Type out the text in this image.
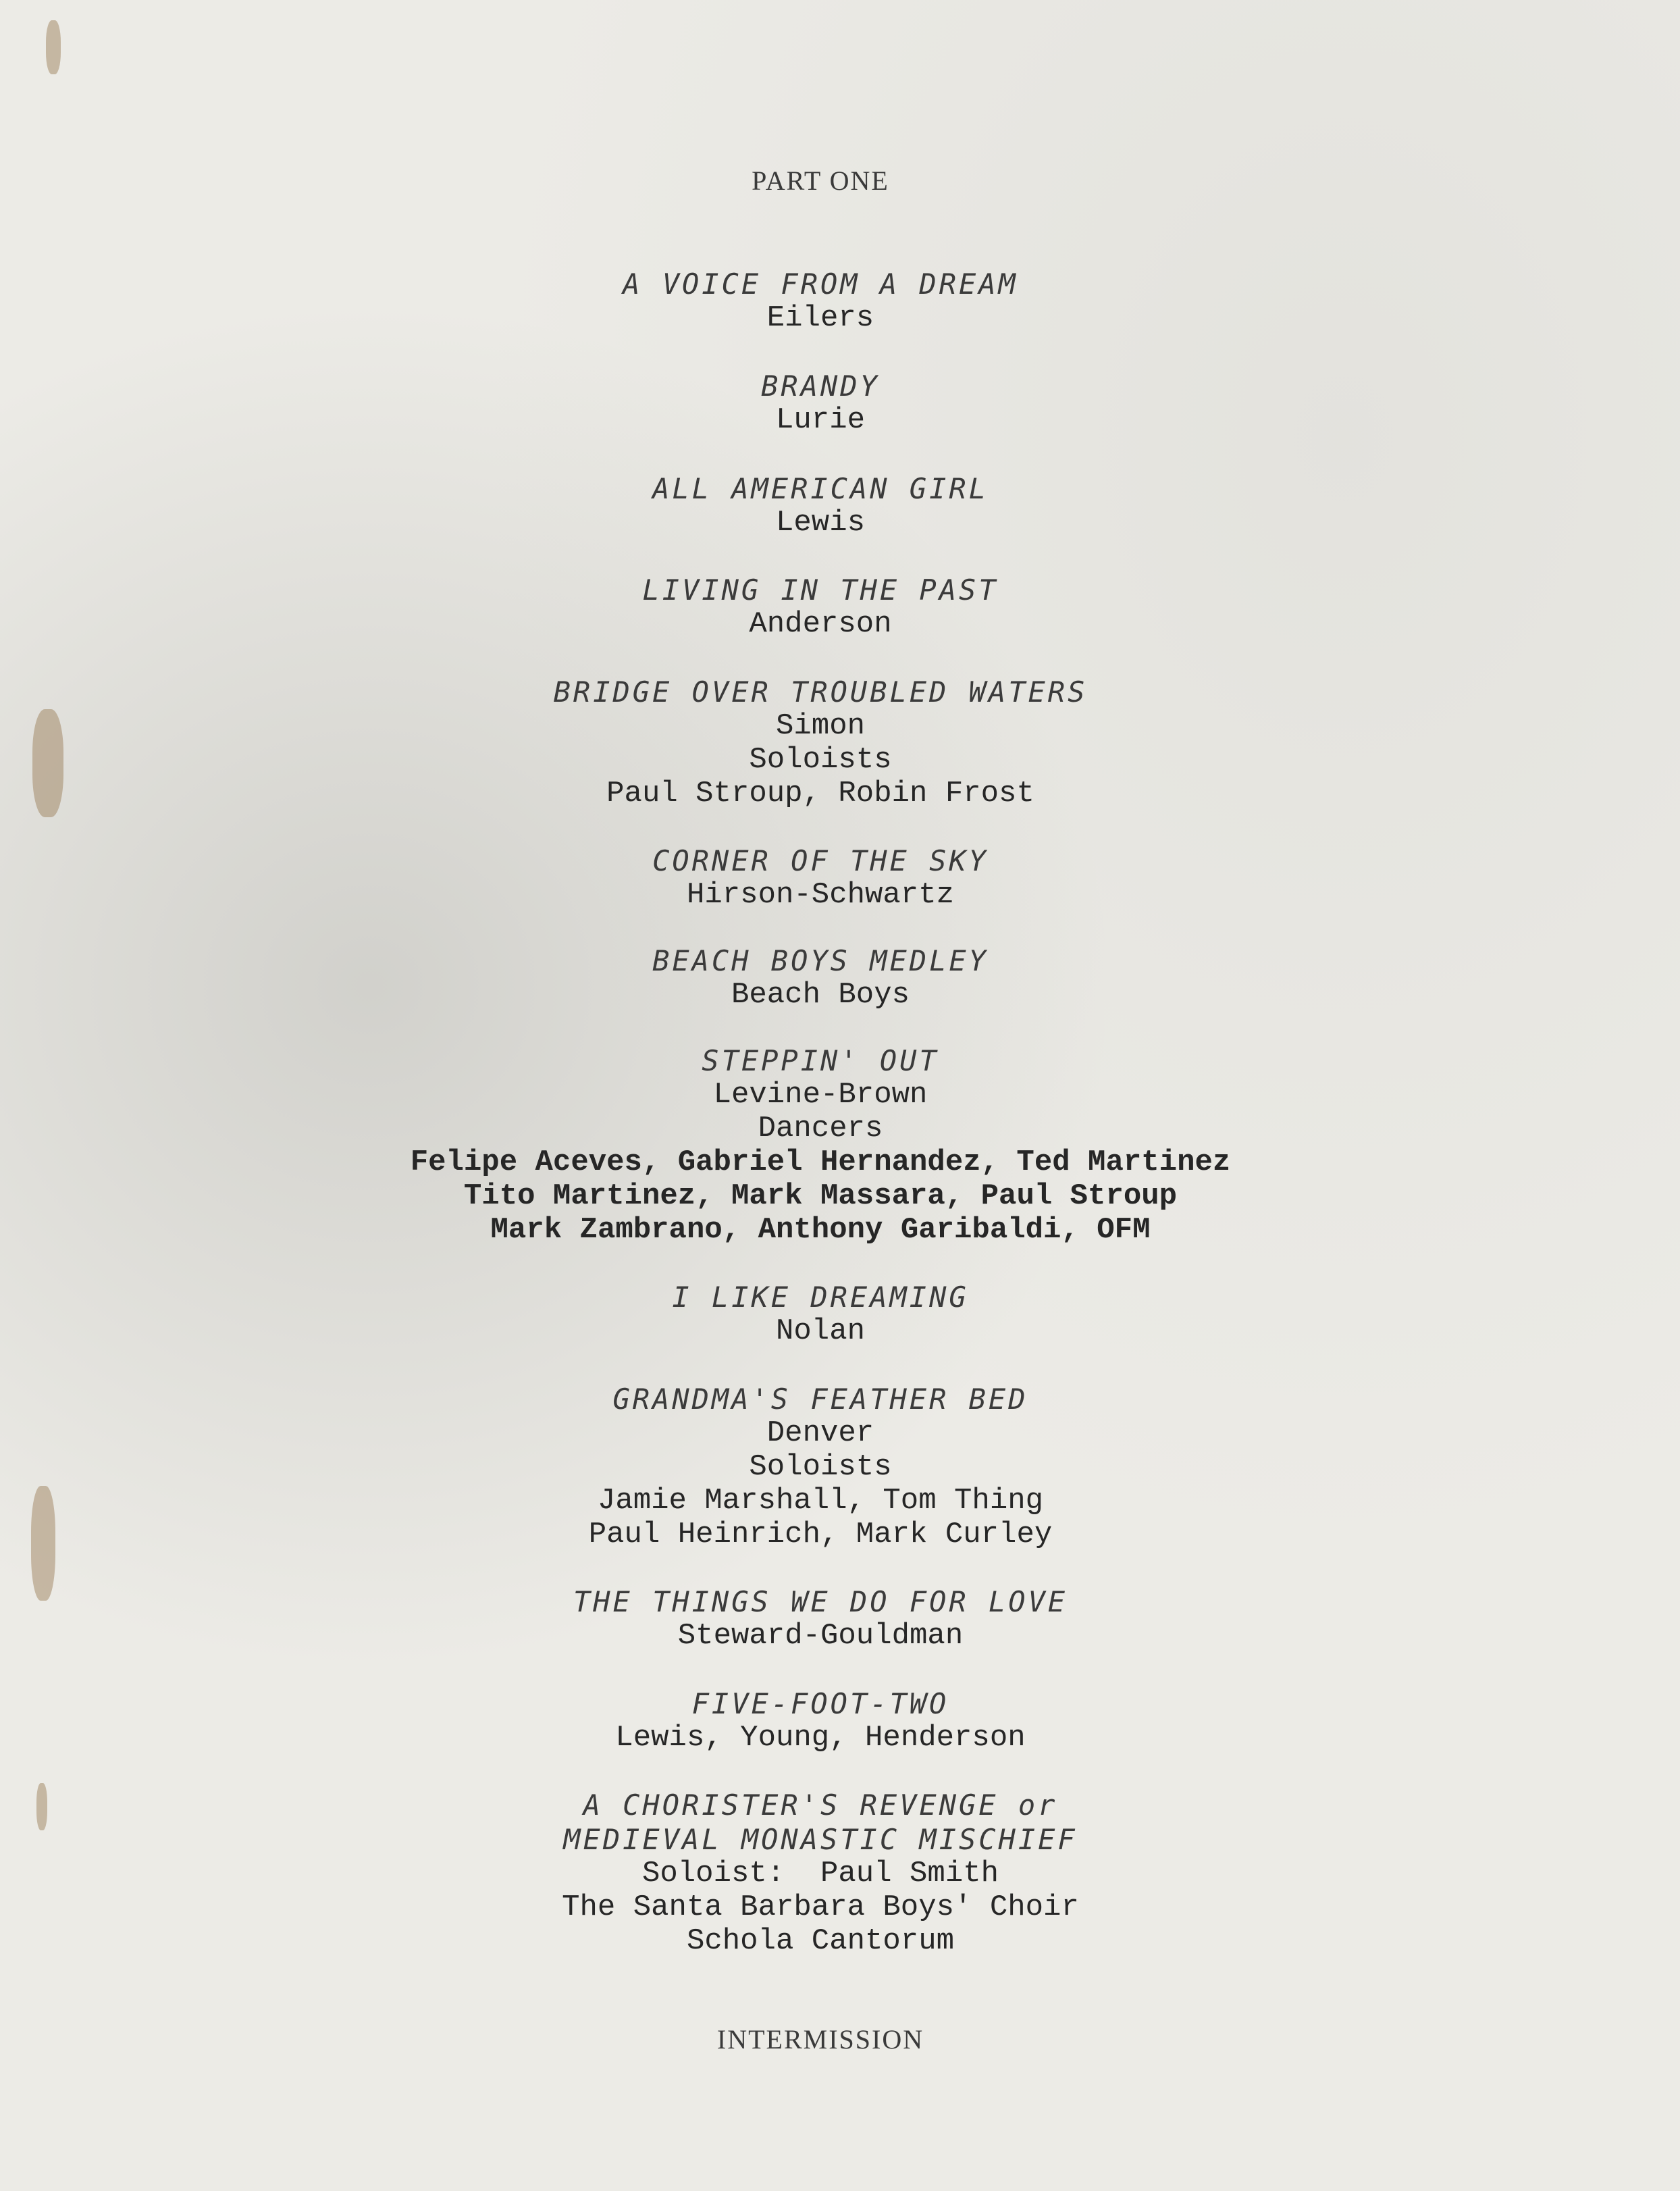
PART ONE
A VOICE FROM A DREAM
Eilers
BRANDY
Lurie
ALL AMERICAN GIRL
Lewis
LIVING IN THE PAST
Anderson
BRIDGE OVER TROUBLED WATERS
Simon
Soloists
Paul Stroup, Robin Frost
CORNER OF THE SKY
Hirson-Schwartz
BEACH BOYS MEDLEY
Beach Boys
STEPPIN' OUT
Levine-Brown
Dancers
Felipe Aceves, Gabriel Hernandez, Ted Martinez
Tito Martinez, Mark Massara, Paul Stroup
Mark Zambrano, Anthony Garibaldi, OFM
I LIKE DREAMING
Nolan
GRANDMA'S FEATHER BED
Denver
Soloists
Jamie Marshall, Tom Thing
Paul Heinrich, Mark Curley
THE THINGS WE DO FOR LOVE
Steward-Gouldman
FIVE-FOOT-TWO
Lewis, Young, Henderson
A CHORISTER'S REVENGE or
MEDIEVAL MONASTIC MISCHIEF
Soloist:  Paul Smith
The Santa Barbara Boys' Choir
Schola Cantorum
INTERMISSION
